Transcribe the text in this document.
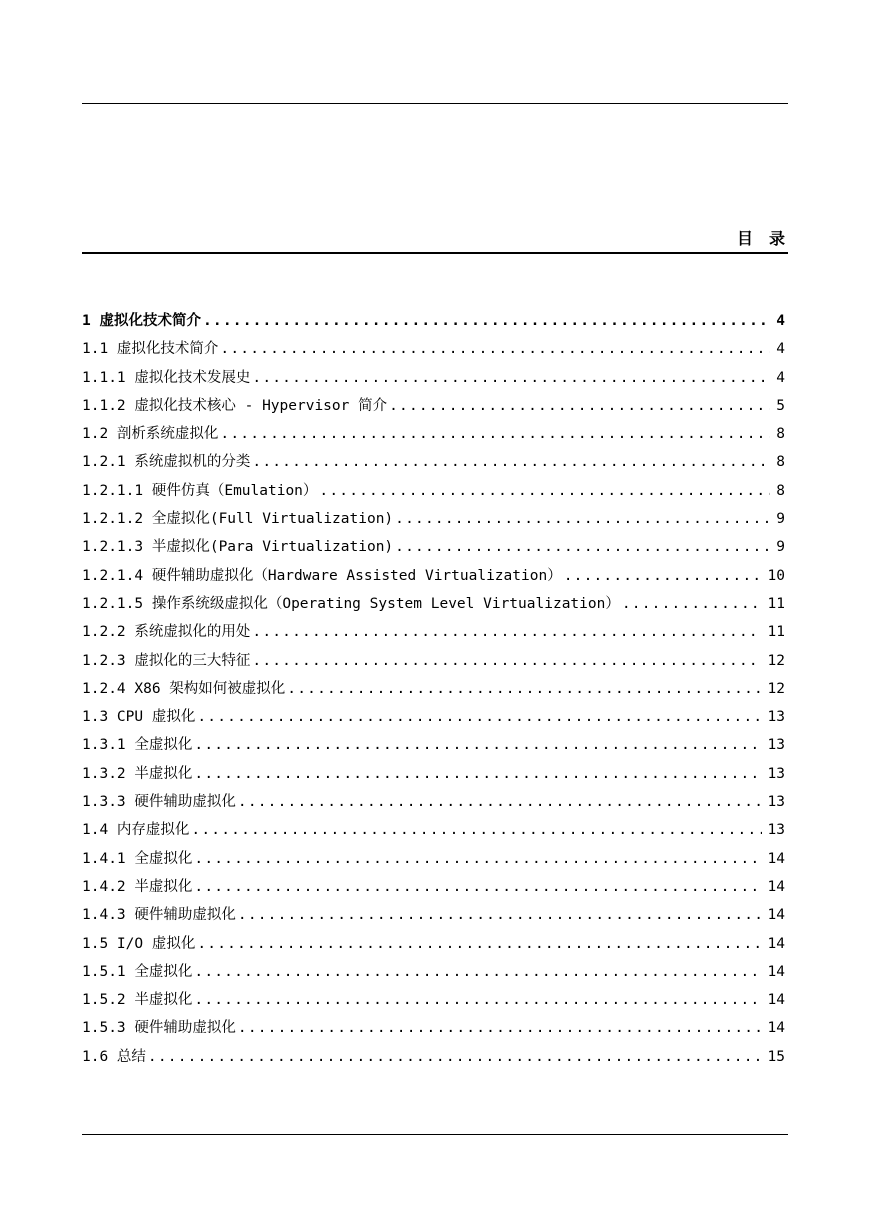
目　录
1 虚拟化技术简介 .....	4
1.1 虚拟化技术简介 .....	4
1.1.1 虚拟化技术发展史 .....	4
1.1.2 虚拟化技术核心 - Hypervisor 简介 .....	5
1.2 剖析系统虚拟化 .....	8
1.2.1 系统虚拟机的分类 .....	8
1.2.1.1 硬件仿真（Emulation） .....	8
1.2.1.2 全虚拟化(Full Virtualization) .....	9
1.2.1.3 半虚拟化(Para Virtualization) .....	9
1.2.1.4 硬件辅助虚拟化（Hardware Assisted Virtualization） .....	10
1.2.1.5 操作系统级虚拟化（Operating System Level Virtualization） .....	11
1.2.2 系统虚拟化的用处 .....	11
1.2.3 虚拟化的三大特征 .....	12
1.2.4 X86 架构如何被虚拟化 .....	12
1.3 CPU 虚拟化 .....	13
1.3.1 全虚拟化 .....	13
1.3.2 半虚拟化 .....	13
1.3.3 硬件辅助虚拟化 .....	13
1.4 内存虚拟化 .....	13
1.4.1 全虚拟化 .....	14
1.4.2 半虚拟化 .....	14
1.4.3 硬件辅助虚拟化 .....	14
1.5 I/O 虚拟化 .....	14
1.5.1 全虚拟化 .....	14
1.5.2 半虚拟化 .....	14
1.5.3 硬件辅助虚拟化 .....	14
1.6 总结 .....	15
